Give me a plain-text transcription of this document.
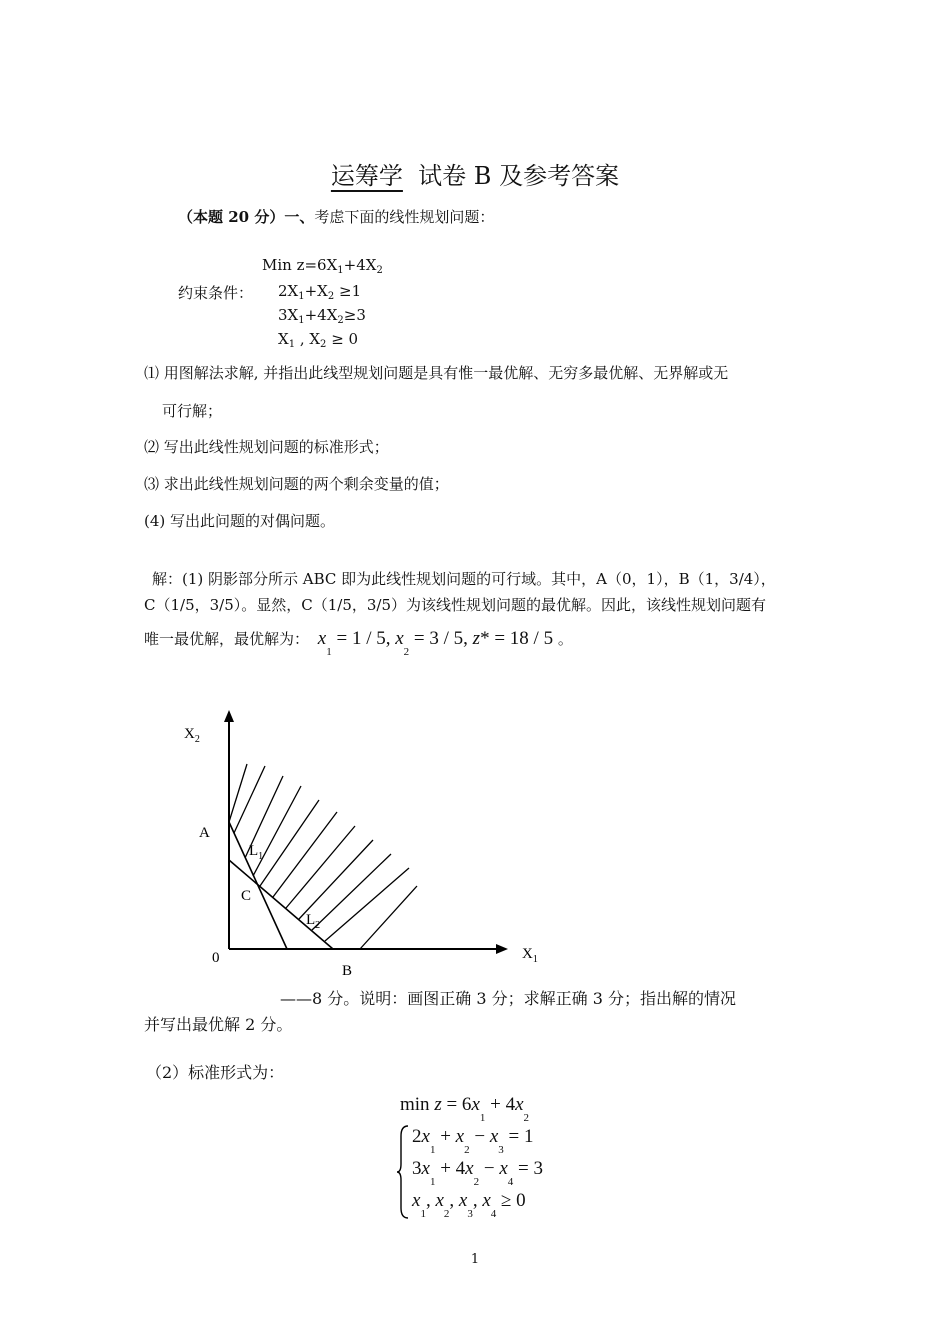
运筹学 试卷 B 及参考答案
（本题 20 分）一、考虑下面的线性规划问题：
Min $z=6X_1+4X_2$
约束条件： $2X_1+X_2 \ge 1$
$3X_1+4X_2\ge 3$
$X_1$ , $X_2 \ge 0$
⑴ 用图解法求解, 并指出此线型规划问题是具有惟一最优解、无穷多最优解、无界解或无
可行解；
⑵ 写出此线性规划问题的标准形式；
⑶ 求出此线性规划问题的两个剩余变量的值；
(4) 写出此问题的对偶问题。
解：(1) 阴影部分所示 ABC 即为此线性规划问题的可行域。其中，A（0，1），B（1，3/4），
C（1/5，3/5）。显然，C（1/5，3/5）为该线性规划问题的最优解。因此，该线性规划问题有
唯一最优解，最优解为： $x_1 = 1 / 5$, $x_2 = 3 / 5$, z* = 18 / 5 。
$X_2$
$X_1$
0
A
C
B
$L_1$
$L_2$
——8 分。说明：画图正确 3 分；求解正确 3 分；指出解的情况
并写出最优解 2 分。
（2）标准形式为：
$\min z = 6x_1 + 4x_2$
$2x_1 + x_2 - x_3 = 1$
$3x_1 + 4x_2 - x_4 = 3$
$x_1$, $x_2$, $x_3$, $x_4 \ge 0$
1
